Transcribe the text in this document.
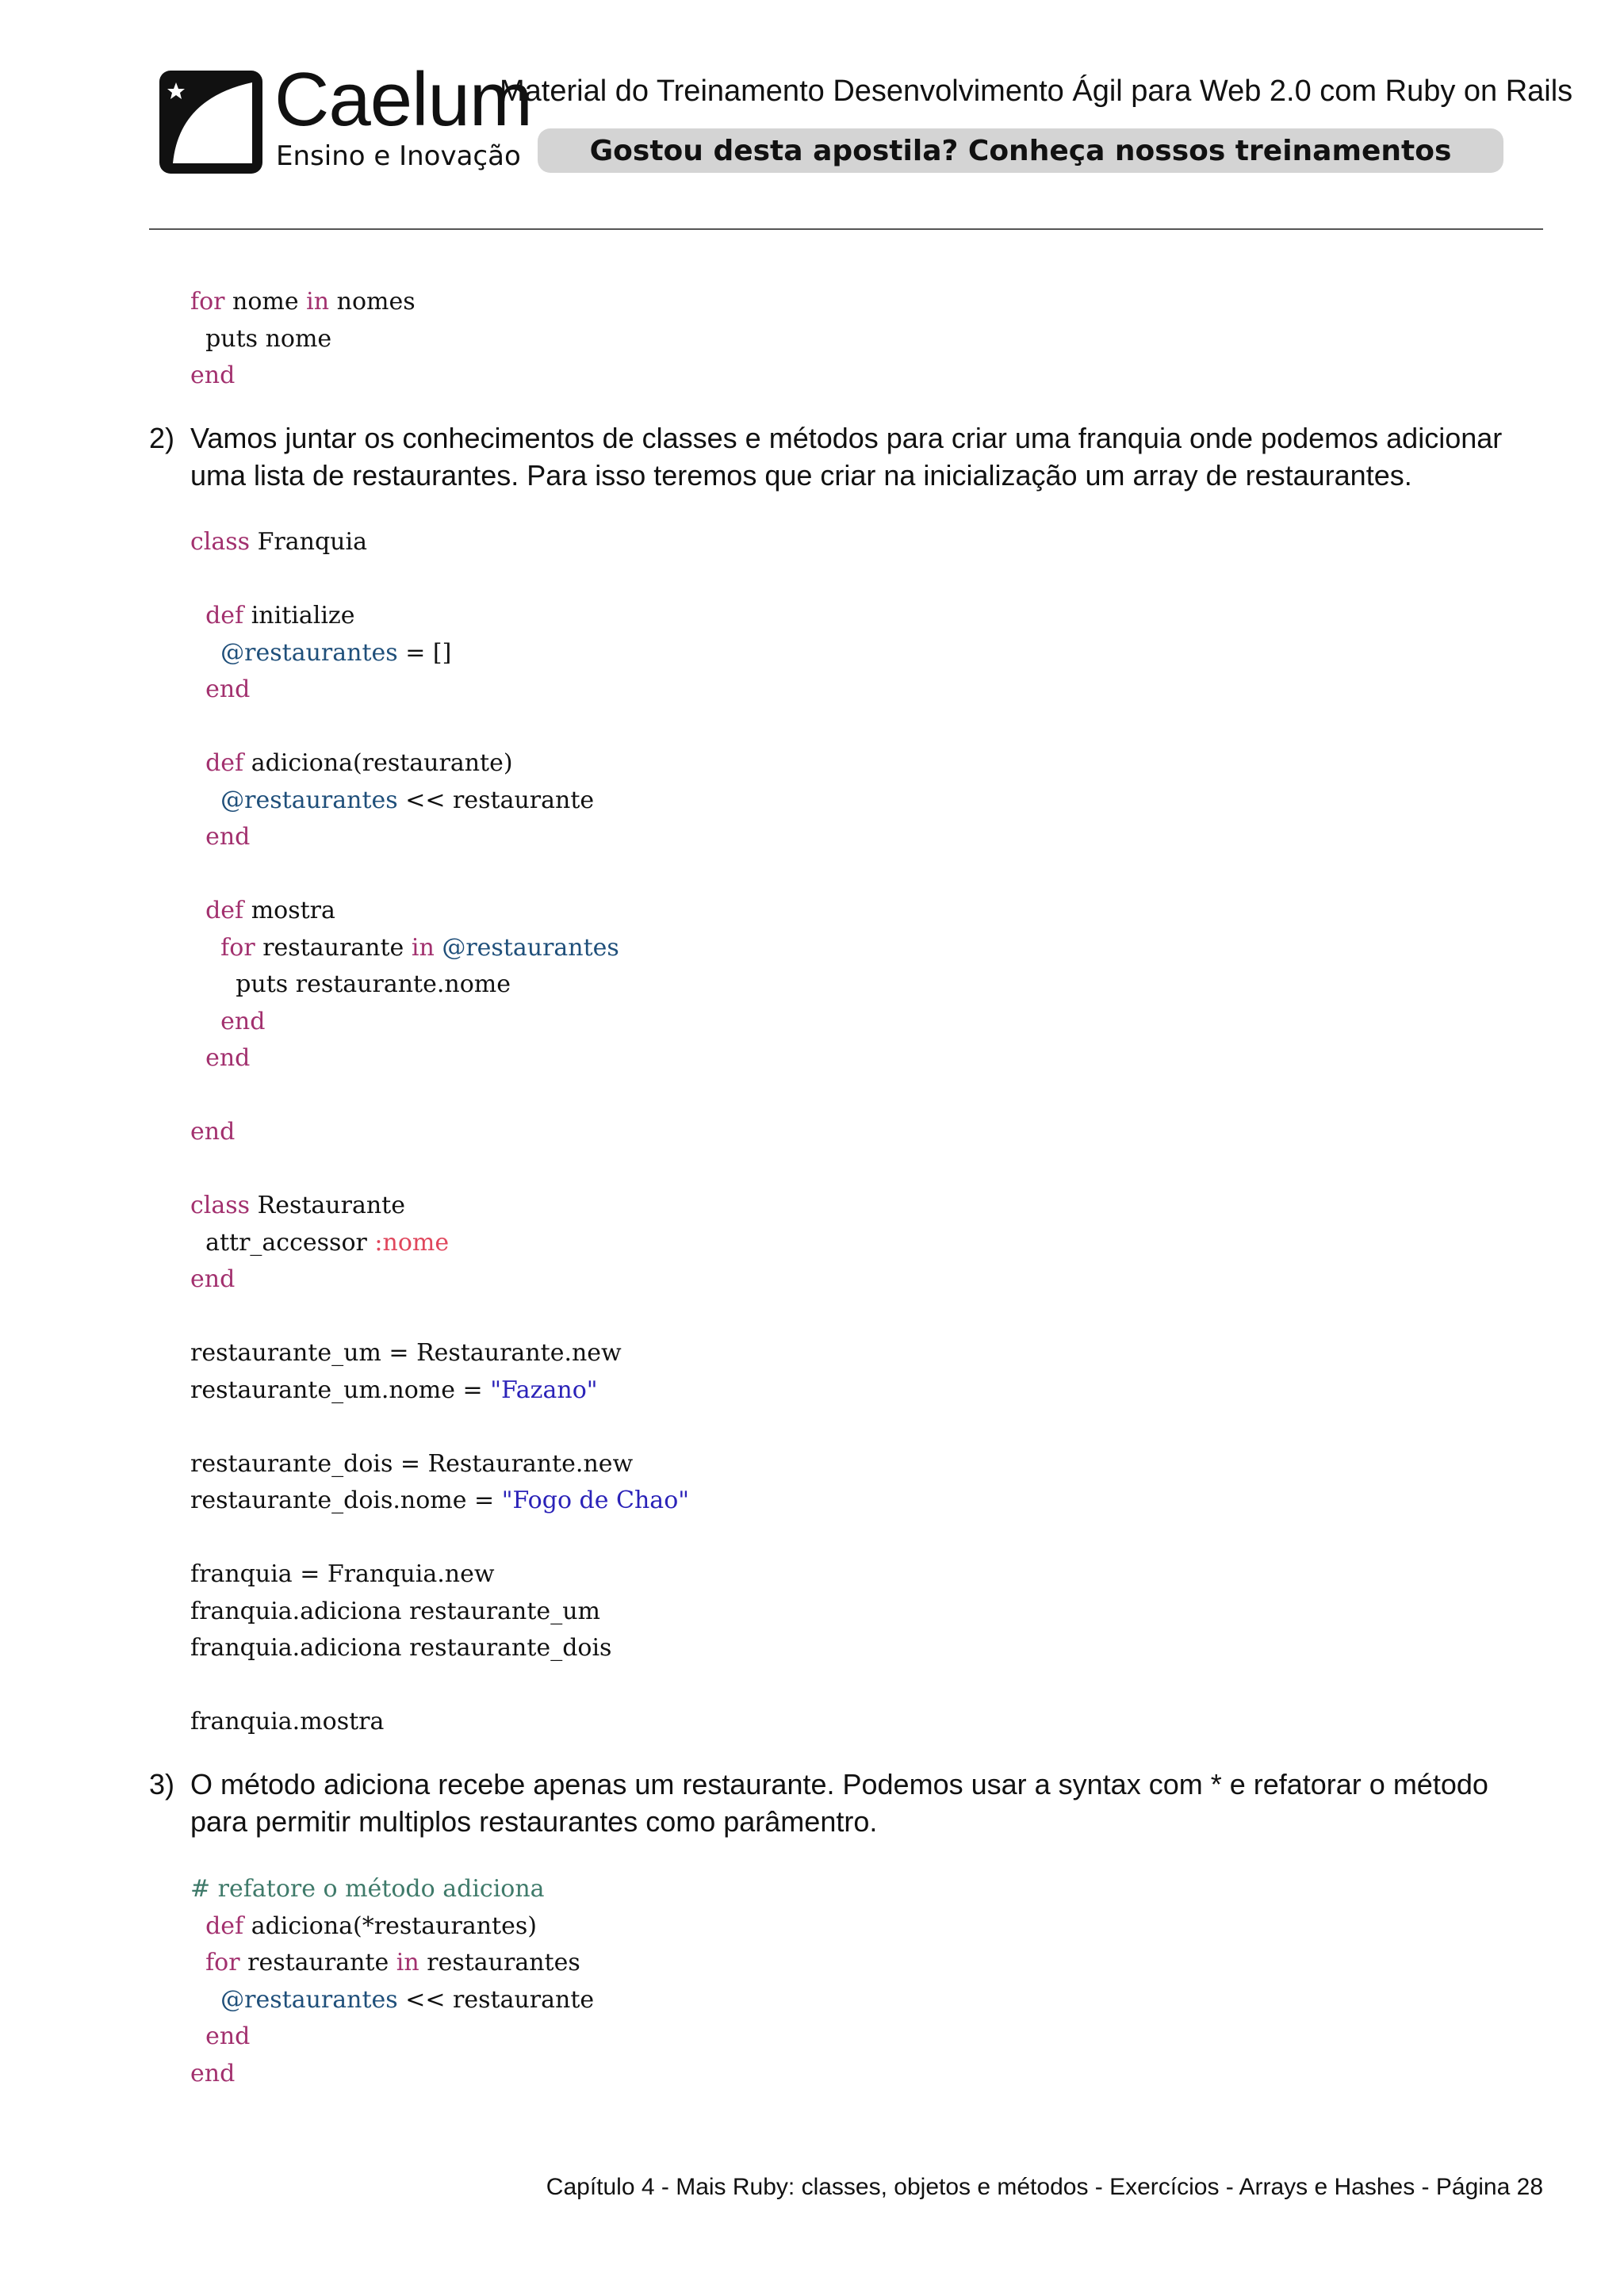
Caelum
Ensino e Inovação
Material do Treinamento Desenvolvimento Ágil para Web 2.0 com Ruby on Rails
Gostou desta apostila? Conheça nossos treinamentos
for nome in nomes
puts nome
end

2) Vamos juntar os conhecimentos de classes e métodos para criar uma franquia onde podemos adicionar uma lista de restaurantes. Para isso teremos que criar na inicialização um array de restaurantes.
class Franquia

def initialize
@restaurantes = []
end

def adiciona(restaurante)
@restaurantes << restaurante
end

def mostra
for restaurante in @restaurantes
puts restaurante.nome
end
end

end

class Restaurante
attr_accessor :nome
end

restaurante_um = Restaurante.new
restaurante_um.nome = "Fazano"

restaurante_dois = Restaurante.new
restaurante_dois.nome = "Fogo de Chao"

franquia = Franquia.new
franquia.adiciona restaurante_um
franquia.adiciona restaurante_dois

franquia.mostra

3) O método adiciona recebe apenas um restaurante. Podemos usar a syntax com * e refatorar o método para permitir multiplos restaurantes como parâmentro.
# refatore o método adiciona
def adiciona(*restaurantes)
for restaurante in restaurantes
@restaurantes << restaurante
end
end

Capítulo 4 - Mais Ruby: classes, objetos e métodos - Exercícios - Arrays e Hashes - Página 28
